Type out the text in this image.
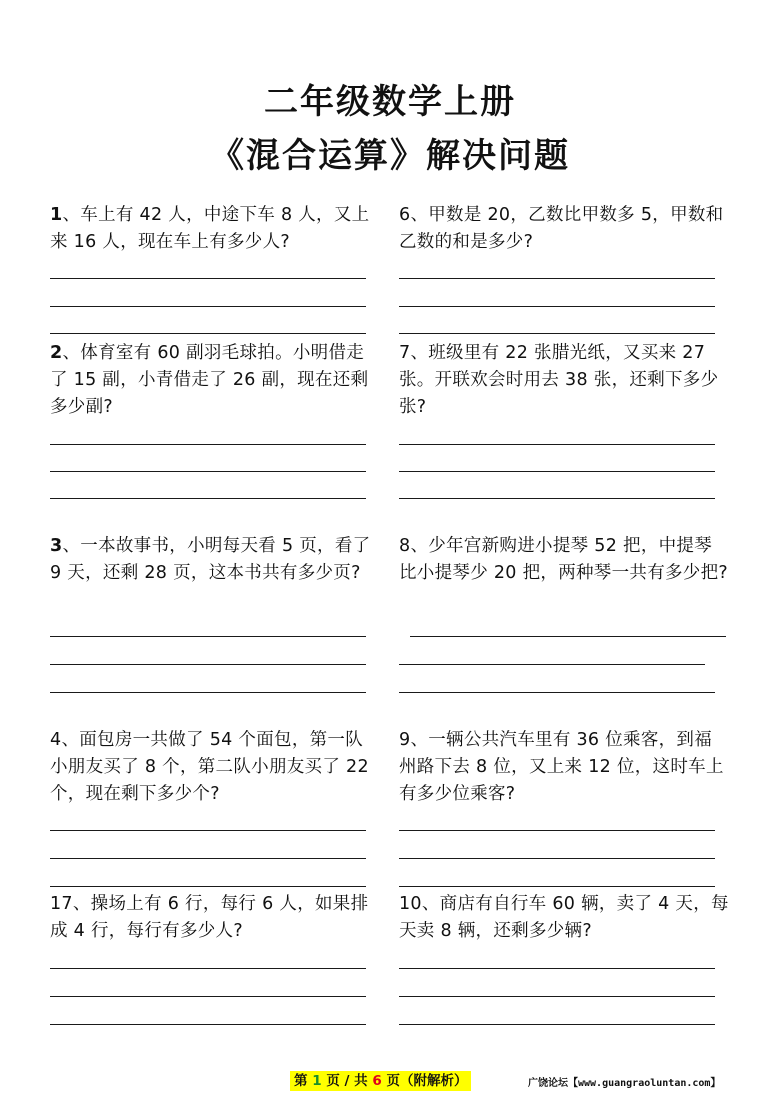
二年级数学上册
《混合运算》解决问题
1、车上有 42 人，中途下车 8 人，又上来 16 人，现在车上有多少人?
6、甲数是 20，乙数比甲数多 5，甲数和乙数的和是多少?
2、体育室有 60 副羽毛球拍。小明借走了 15 副，小青借走了 26 副，现在还剩多少副?
7、班级里有 22 张腊光纸，又买来 27 张。开联欢会时用去 38 张，还剩下多少张?
3、一本故事书，小明每天看 5 页，看了 9 天，还剩 28 页，这本书共有多少页?
8、少年宫新购进小提琴 52 把，中提琴比小提琴少 20 把，两种琴一共有多少把?
4、面包房一共做了 54 个面包，第一队小朋友买了 8 个，第二队小朋友买了 22 个，现在剩下多少个?
9、一辆公共汽车里有 36 位乘客，到福州路下去 8 位，又上来 12 位，这时车上有多少位乘客?
17、操场上有 6 行，每行 6 人，如果排成 4 行，每行有多少人?
10、商店有自行车 60 辆，卖了 4 天，每天卖 8 辆，还剩多少辆?
第 1 页 / 共 6 页（附解析）	广饶论坛【www.guangraoluntan.com】
